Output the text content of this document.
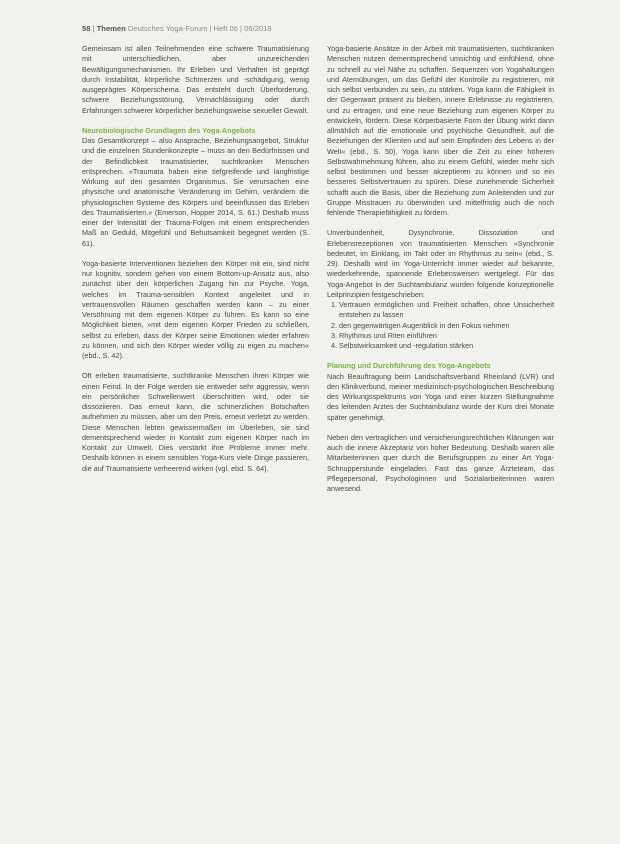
58 | Themen Deutsches Yoga-Forum | Heft 06 | 06/2018

Gemeinsam ist allen Teilnehmenden eine schwere Traumatisierung mit unterschiedlichen, aber unzureichenden Bewältigungsmechanismen. Ihr Erleben und Verhalten ist geprägt durch Instabilität, körperliche Schmerzen und -schädigung, wenig ausgeprägtes Körperschema. Das entsteht durch Überforderung, schwere Beziehungsstörung, Vernachlässigung oder durch Erfahrungen schwerer körperlicher beziehungsweise sexueller Gewalt.

Neurobiologische Grundlagen des Yoga-Angebots

Das Gesamtkonzept – also Ansprache, Beziehungsangebot, Struktur und die einzelnen Stundenkonzepte – muss an den Bedürfnissen und der Befindlichkeit traumatisierter, suchtkranker Menschen entsprechen. »Traumata haben eine tiefgreifende und langfristige Wirkung auf den gesamten Organismus. Sie verursachen eine physische und anatomische Veränderung im Gehirn, verändern die physiologischen Systeme des Körpers und beeinflussen das Erleben des Traumatisierten.« (Emerson, Hopper 2014, S. 61.) Deshalb muss einer der Intensität der Trauma-Folgen mit einem entsprechenden Maß an Geduld, Mitgefühl und Behutsamkeit begegnet werden (S. 61).

Yoga-basierte Interventionen beziehen den Körper mit ein, sind nicht nur kognitiv, sondern gehen von einem Bottom-up-Ansatz aus, also zunächst über den körperlichen Zugang hin zur Psyche. Yoga, welches im Trauma-sensiblen Kontext angeleitet und in vertrauensvollen Räumen geschaffen werden kann – zu einer Versöhnung mit dem eigenen Körper zu führen. Es kann so eine Möglichkeit bieten, »mit dem eigenen Körper Frieden zu schließen, selbst zu erleben, dass der Körper seine Emotionen wieder erfahren zu können, und sich den Körper wieder völlig zu eigen zu machen« (ebd., S. 42).

Oft erleben traumatisierte, suchtkranke Menschen ihren Körper wie einen Feind. In der Folge werden sie entweder sehr aggressiv, wenn ein persönlicher Schwellenwert überschritten wird, oder sie dissoziieren. Das erneut kann, die schmerzlichen Botschaften aufnehmen zu müssen, aber um den Preis, erneut verletzt zu werden. Diese Menschen lebten gewissermaßen im Überleben, sie sind dementsprechend wieder in Kontakt zum eigenen Körper nach im Kontakt zur Umwelt. Dies verstärkt ihre Probleme immer mehr. Deshalb können in einem sensiblen Yoga-Kurs viele Dinge passieren, die auf Traumatisierte verheerend wirken (vgl. ebd. S. 64).

Yoga-basierte Ansätze in der Arbeit mit traumatisierten, suchtkranken Menschen nutzen dementsprechend umsichtig und einfühlend, ohne zu schnell zu viel Nähe zu schaffen. Sequenzen von Yogahaltungen und Atemübungen, um das Gefühl der Kontrolle zu registrieren, mit sich selbst verbunden zu sein, zu stärken. Yoga kann die Fähigkeit in der Gegenwart präsent zu bleiben, innere Erlebnisse zu registrieren, und zu ertragen, und eine neue Beziehung zum eigenen Körper zu entwickeln, fördern. Diese Körperbasierte Form der Übung wirkt dann allmählich auf die emotionale und psychische Gesundheit, auf die Beziehungen der Klienten und auf sein Empfinden des Lebens in der Welt« (ebd., S. 50). Yoga kann über die Zeit zu einer höheren Selbstwahrnehmung führen, also zu einem Gefühl, wieder mehr sich selbst bestimmen und besser akzeptieren zu können und so ein besseres Selbstvertrauen zu spüren. Diese zunehmende Sicherheit schafft auch die Basis, über die Beziehung zum Anleitenden und zur Gruppe Misstrauen zu überwinden und mittelfristig auch die noch fehlende Therapiefähigkeit zu fördern.

Unverbundenheit, Dysynchronie, Dissoziation und Erlebensrezeptionen von traumatisierten Menschen »Synchronie bedeutet, im Einklang, im Takt oder im Rhythmus zu sein« (ebd., S. 29). Deshalb wird im Yoga-Unterricht immer wieder auf bekannte, wiederkehrende, spannende Erlebensweisen wertgelegt. Für das Yoga-Angebot in der Suchtambulanz wurden folgende konzeptionelle Leitprinzipien festgeschrieben:

1. Vertrauen ermöglichen und Freiheit schaffen, ohne Unsicherheit entstehen zu lassen
2. den gegenwärtigen Augenblick in den Fokus nehmen
3. Rhythmus und Riten einführen
4. Selbstwirksamkeit und -regulation stärken
Planung und Durchführung des Yoga-Angebots

Nach Beauftragung beim Landschaftsverband Rheinland (LVR) und den Klinikverbund, meiner medizinisch-psychologischen Beschreibung des Wirkungsspektrums von Yoga und einer kurzen Stellungnahme des leitenden Arztes der Suchtambulanz wurde der Kurs drei Monate später genehmigt.

Neben den vertraglichen und versicherungsrechtlichen Klärungen war auch die innere Akzeptanz von hoher Bedeutung. Deshalb waren alle Mitarbeiterinnen quer durch die Berufsgruppen zu einer Art Yoga-Schnupperstunde eingeladen. Fast das ganze Ärzteteam, das Pflegepersonal, Psychologinnen und Sozialarbeiterinnen waren anwesend.
